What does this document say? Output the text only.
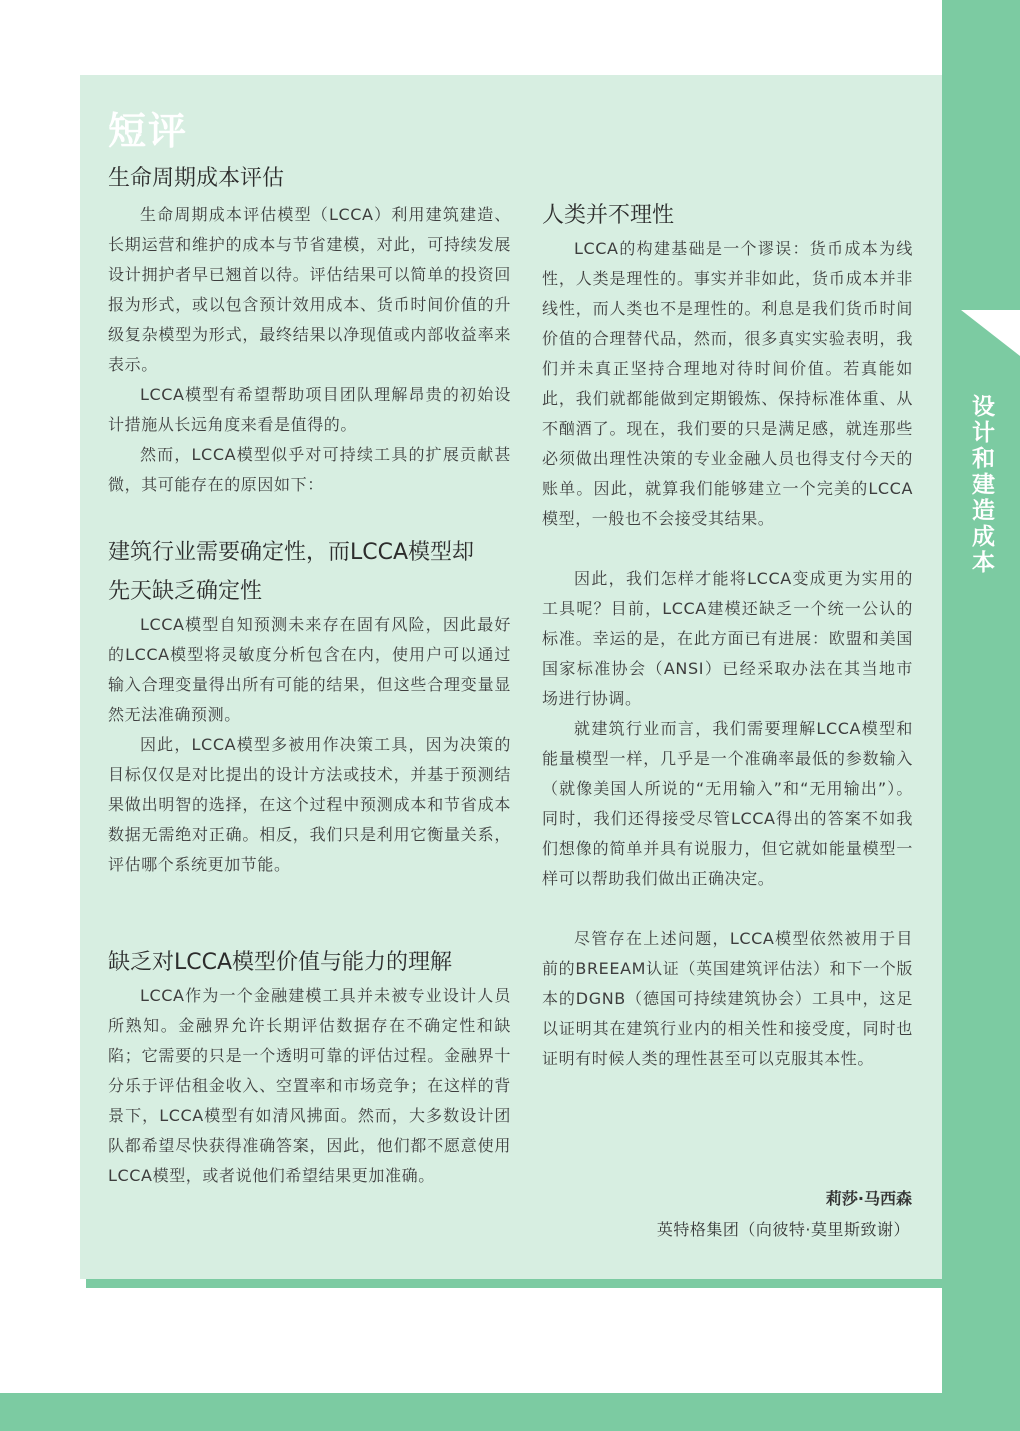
设计和建造成本
短评
生命周期成本评估

生命周期成本评估模型（LCCA）利用建筑建造、长期运营和维护的成本与节省建模，对此，可持续发展设计拥护者早已翘首以待。评估结果可以简单的投资回报为形式，或以包含预计效用成本、货币时间价值的升级复杂模型为形式，最终结果以净现值或内部收益率来表示。

LCCA模型有希望帮助项目团队理解昂贵的初始设计措施从长远角度来看是值得的。

然而，LCCA模型似乎对可持续工具的扩展贡献甚微，其可能存在的原因如下：

建筑行业需要确定性，而LCCA模型却
先天缺乏确定性

LCCA模型自知预测未来存在固有风险，因此最好的LCCA模型将灵敏度分析包含在内，使用户可以通过输入合理变量得出所有可能的结果，但这些合理变量显然无法准确预测。

因此，LCCA模型多被用作决策工具，因为决策的目标仅仅是对比提出的设计方法或技术，并基于预测结果做出明智的选择，在这个过程中预测成本和节省成本数据无需绝对正确。相反，我们只是利用它衡量关系，评估哪个系统更加节能。

缺乏对LCCA模型价值与能力的理解

LCCA作为一个金融建模工具并未被专业设计人员所熟知。金融界允许长期评估数据存在不确定性和缺陷；它需要的只是一个透明可靠的评估过程。金融界十分乐于评估租金收入、空置率和市场竞争；在这样的背景下，LCCA模型有如清风拂面。然而，大多数设计团队都希望尽快获得准确答案，因此，他们都不愿意使用LCCA模型，或者说他们希望结果更加准确。

人类并不理性

LCCA的构建基础是一个谬误：货币成本为线性，人类是理性的。事实并非如此，货币成本并非线性，而人类也不是理性的。利息是我们货币时间价值的合理替代品，然而，很多真实实验表明，我们并未真正坚持合理地对待时间价值。若真能如此，我们就都能做到定期锻炼、保持标准体重、从不酗酒了。现在，我们要的只是满足感，就连那些必须做出理性决策的专业金融人员也得支付今天的账单。因此，就算我们能够建立一个完美的LCCA模型，一般也不会接受其结果。

因此，我们怎样才能将LCCA变成更为实用的工具呢？目前，LCCA建模还缺乏一个统一公认的标准。幸运的是，在此方面已有进展：欧盟和美国国家标准协会（ANSI）已经采取办法在其当地市场进行协调。

就建筑行业而言，我们需要理解LCCA模型和能量模型一样，几乎是一个准确率最低的参数输入（就像美国人所说的“无用输入”和“无用输出”）。同时，我们还得接受尽管LCCA得出的答案不如我们想像的简单并具有说服力，但它就如能量模型一样可以帮助我们做出正确决定。

尽管存在上述问题，LCCA模型依然被用于目前的BREEAM认证（英国建筑评估法）和下一个版本的DGNB（德国可持续建筑协会）工具中，这足以证明其在建筑行业内的相关性和接受度，同时也证明有时候人类的理性甚至可以克服其本性。

莉莎·马西森
英特格集团（向彼特·莫里斯致谢）
29
